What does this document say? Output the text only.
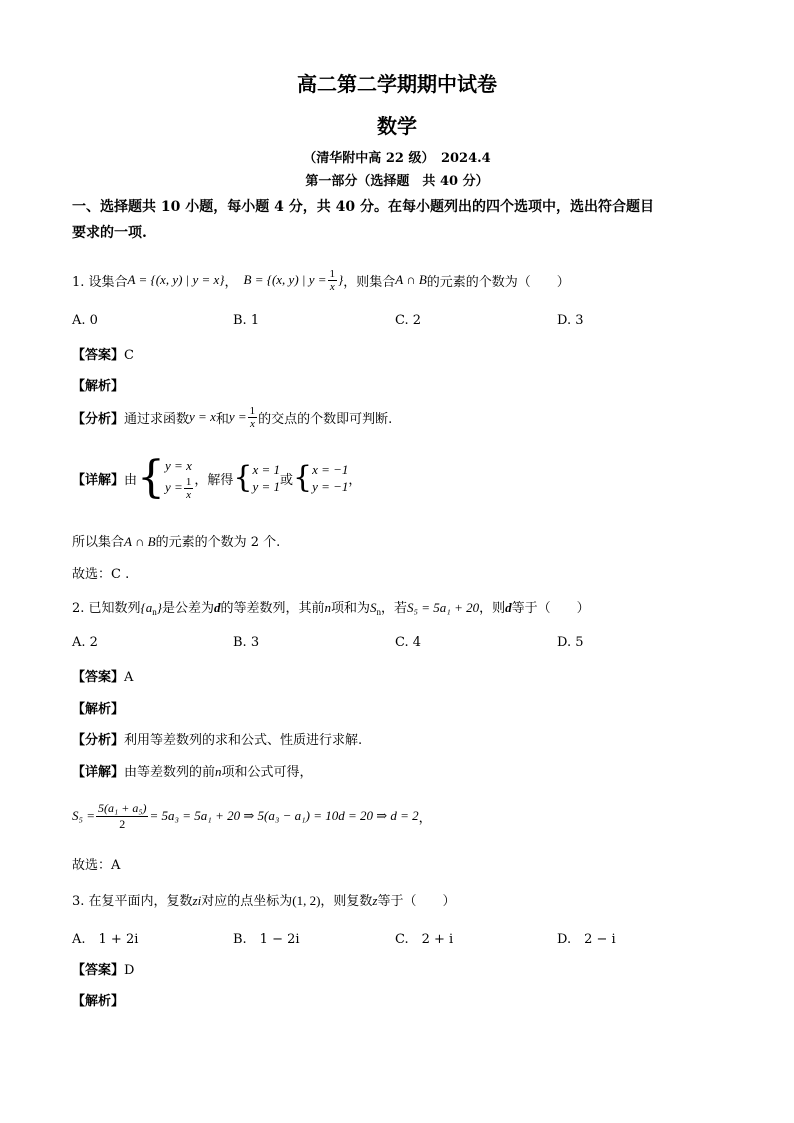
高二第二学期期中试卷
数学
（清华附中高 22 级）　2024.4
第一部分（选择题　共 40 分）
一、选择题共 10 小题，每小题 4 分，共 40 分。在每小题列出的四个选项中，选出符合题目
要求的一项.
1. 设集合 A = {(x, y) | y = x} ， B = {(x, y) | $y = \frac{1}{x}$ } ，则集合 A ∩ B 的元素的个数为（　　）
A. 0	B. 1	C. 2	D. 3
【答案】C
【解析】
【分析】 通过求函数 y = x 和 $y = \frac{1}{x}$ 的交点的个数即可判断.
【详解】 由 { y = x
$y = \frac{1}{x}$ ，解得 { x = 1
y = 1 或 { x = −1
y = −1 ，
所以集合A ∩ B的元素的个数为 2 个.
故选：C .
2. 已知数列$\{a_n\}$是公差为d的等差数列，其前n项和为$S_n$，若S₅ = 5a₁ + 20，则d等于（　　）
A. 2	B. 3	C. 4	D. 5
【答案】A
【解析】
【分析】利用等差数列的求和公式、性质进行求解.
【详解】由等差数列的前n项和公式可得，
$S_5 = \frac{\text{5(a₁ + a₅)}}{2} = 5a_3 = 5a_1 + 20$ ⇒ 5(a₃ − a₁) = 10d = 20 ⇒ d = 2 ，
故选：A
3. 在复平面内，复数zi对应的点坐标为(1, 2)，则复数z等于（　　）
A.　1 + 2i	B.　1 − 2i	C.　2 + i	D.　2 − i
【答案】D
【解析】
